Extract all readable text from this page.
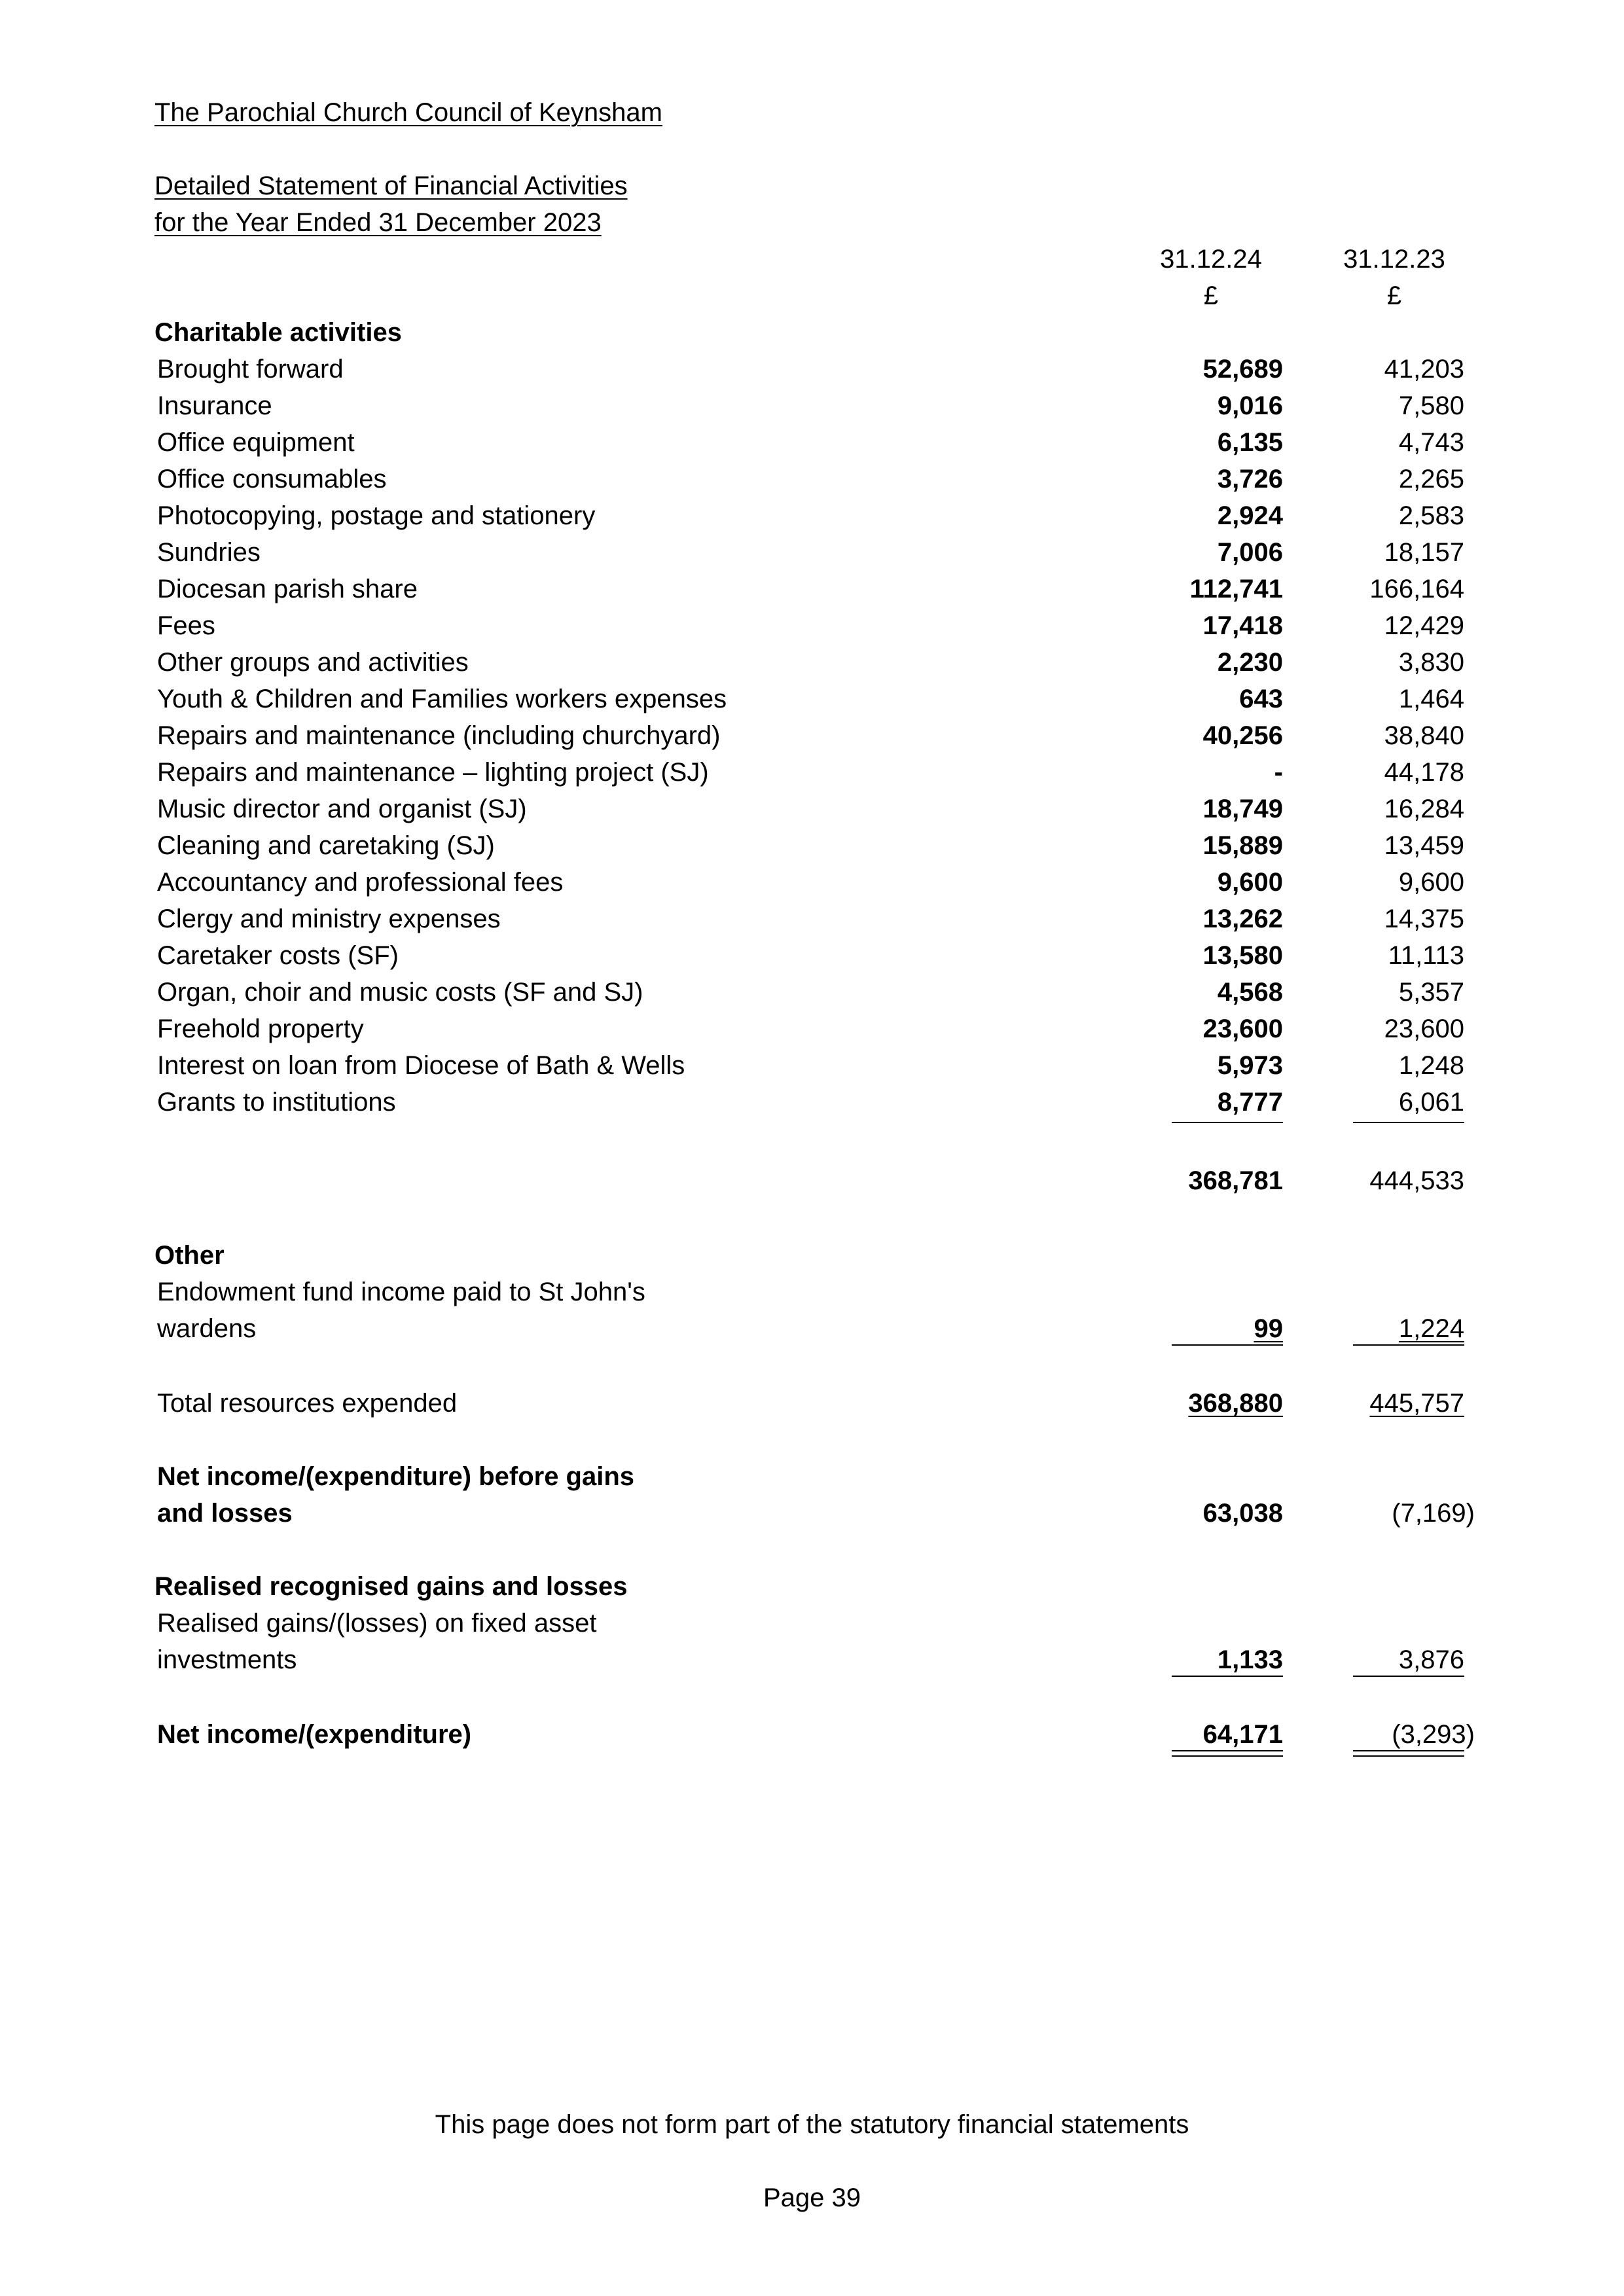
The Parochial Church Council of Keynsham
Detailed Statement of Financial Activities
for the Year Ended 31 December 2023
31.12.24	31.12.23
£	£
Charitable activities
Brought forward	52,689	41,203
Insurance	9,016	7,580
Office equipment	6,135	4,743
Office consumables	3,726	2,265
Photocopying, postage and stationery	2,924	2,583
Sundries	7,006	18,157
Diocesan parish share	112,741	166,164
Fees	17,418	12,429
Other groups and activities	2,230	3,830
Youth & Children and Families workers expenses	643	1,464
Repairs and maintenance (including churchyard)	40,256	38,840
Repairs and maintenance – lighting project (SJ)	-	44,178
Music director and organist (SJ)	18,749	16,284
Cleaning and caretaking (SJ)	15,889	13,459
Accountancy and professional fees	9,600	9,600
Clergy and ministry expenses	13,262	14,375
Caretaker costs (SF)	13,580	11,113
Organ, choir and music costs (SF and SJ)	4,568	5,357
Freehold property	23,600	23,600
Interest on loan from Diocese of Bath & Wells	5,973	1,248
Grants to institutions	8,777	6,061
368,781	444,533
Other
Endowment fund income paid to St John's
wardens	99	1,224
Total resources expended	368,880	445,757
Net income/(expenditure) before gains
and losses	63,038	(7,169)
Realised recognised gains and losses
Realised gains/(losses) on fixed asset
investments	1,133	3,876
Net income/(expenditure)	64,171	(3,293)
This page does not form part of the statutory financial statements
Page 39
